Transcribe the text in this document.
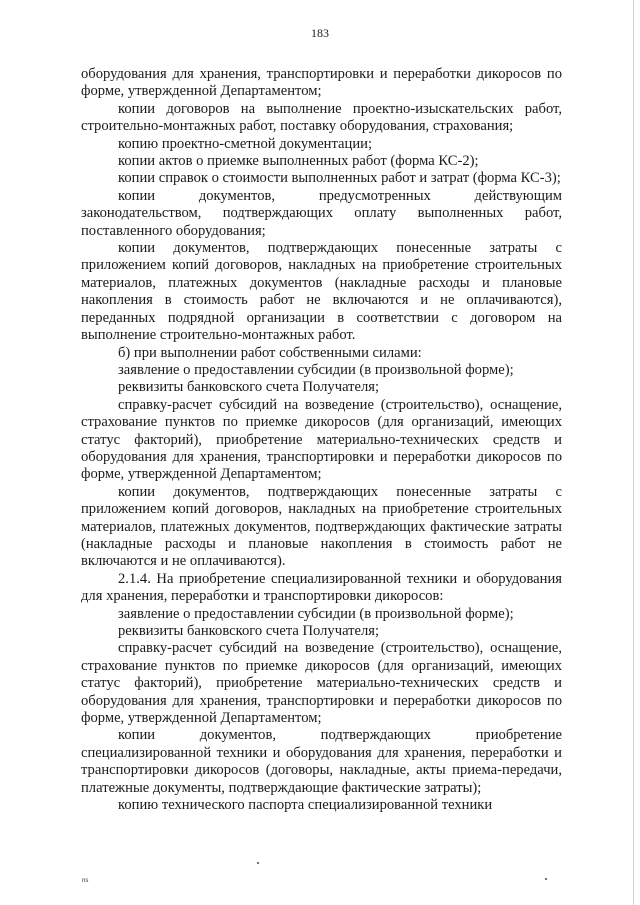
183

оборудования для хранения, транспортировки и переработки дикоросов по форме, утвержденной Департаментом;

копии договоров на выполнение проектно-изыскательских работ, строительно-монтажных работ, поставку оборудования, страхования;

копию проектно-сметной документации;

копии актов о приемке выполненных работ (форма КС-2);

копии справок о стоимости выполненных работ и затрат (форма КС-3);

копии документов, предусмотренных действующим законодательством, подтверждающих оплату выполненных работ, поставленного оборудования;

копии документов, подтверждающих понесенные затраты с приложением копий договоров, накладных на приобретение строительных материалов, платежных документов (накладные расходы и плановые накопления в стоимость работ не включаются и не оплачиваются), переданных подрядной организации в соответствии с договором на выполнение строительно-монтажных работ.

б) при выполнении работ собственными силами:

заявление о предоставлении субсидии (в произвольной форме);

реквизиты банковского счета Получателя;

справку-расчет субсидий на возведение (строительство), оснащение, страхование пунктов по приемке дикоросов (для организаций, имеющих статус факторий), приобретение материально-технических средств и оборудования для хранения, транспортировки и переработки дикоросов по форме, утвержденной Департаментом;

копии документов, подтверждающих понесенные затраты с приложением копий договоров, накладных на приобретение строительных материалов, платежных документов, подтверждающих фактические затраты (накладные расходы и плановые накопления в стоимость работ не включаются и не оплачиваются).

2.1.4. На приобретение специализированной техники и оборудования для хранения, переработки и транспортировки дикоросов:

заявление о предоставлении субсидии (в произвольной форме);

реквизиты банковского счета Получателя;

справку-расчет субсидий на возведение (строительство), оснащение, страхование пунктов по приемке дикоросов (для организаций, имеющих статус факторий), приобретение материально-технических средств и оборудования для хранения, транспортировки и переработки дикоросов по форме, утвержденной Департаментом;

копии документов, подтверждающих приобретение специализированной техники и оборудования для хранения, переработки и транспортировки дикоросов (договоры, накладные, акты приема-передачи, платежные документы, подтверждающие фактические затраты);

копию технического паспорта специализированной техники

ns
